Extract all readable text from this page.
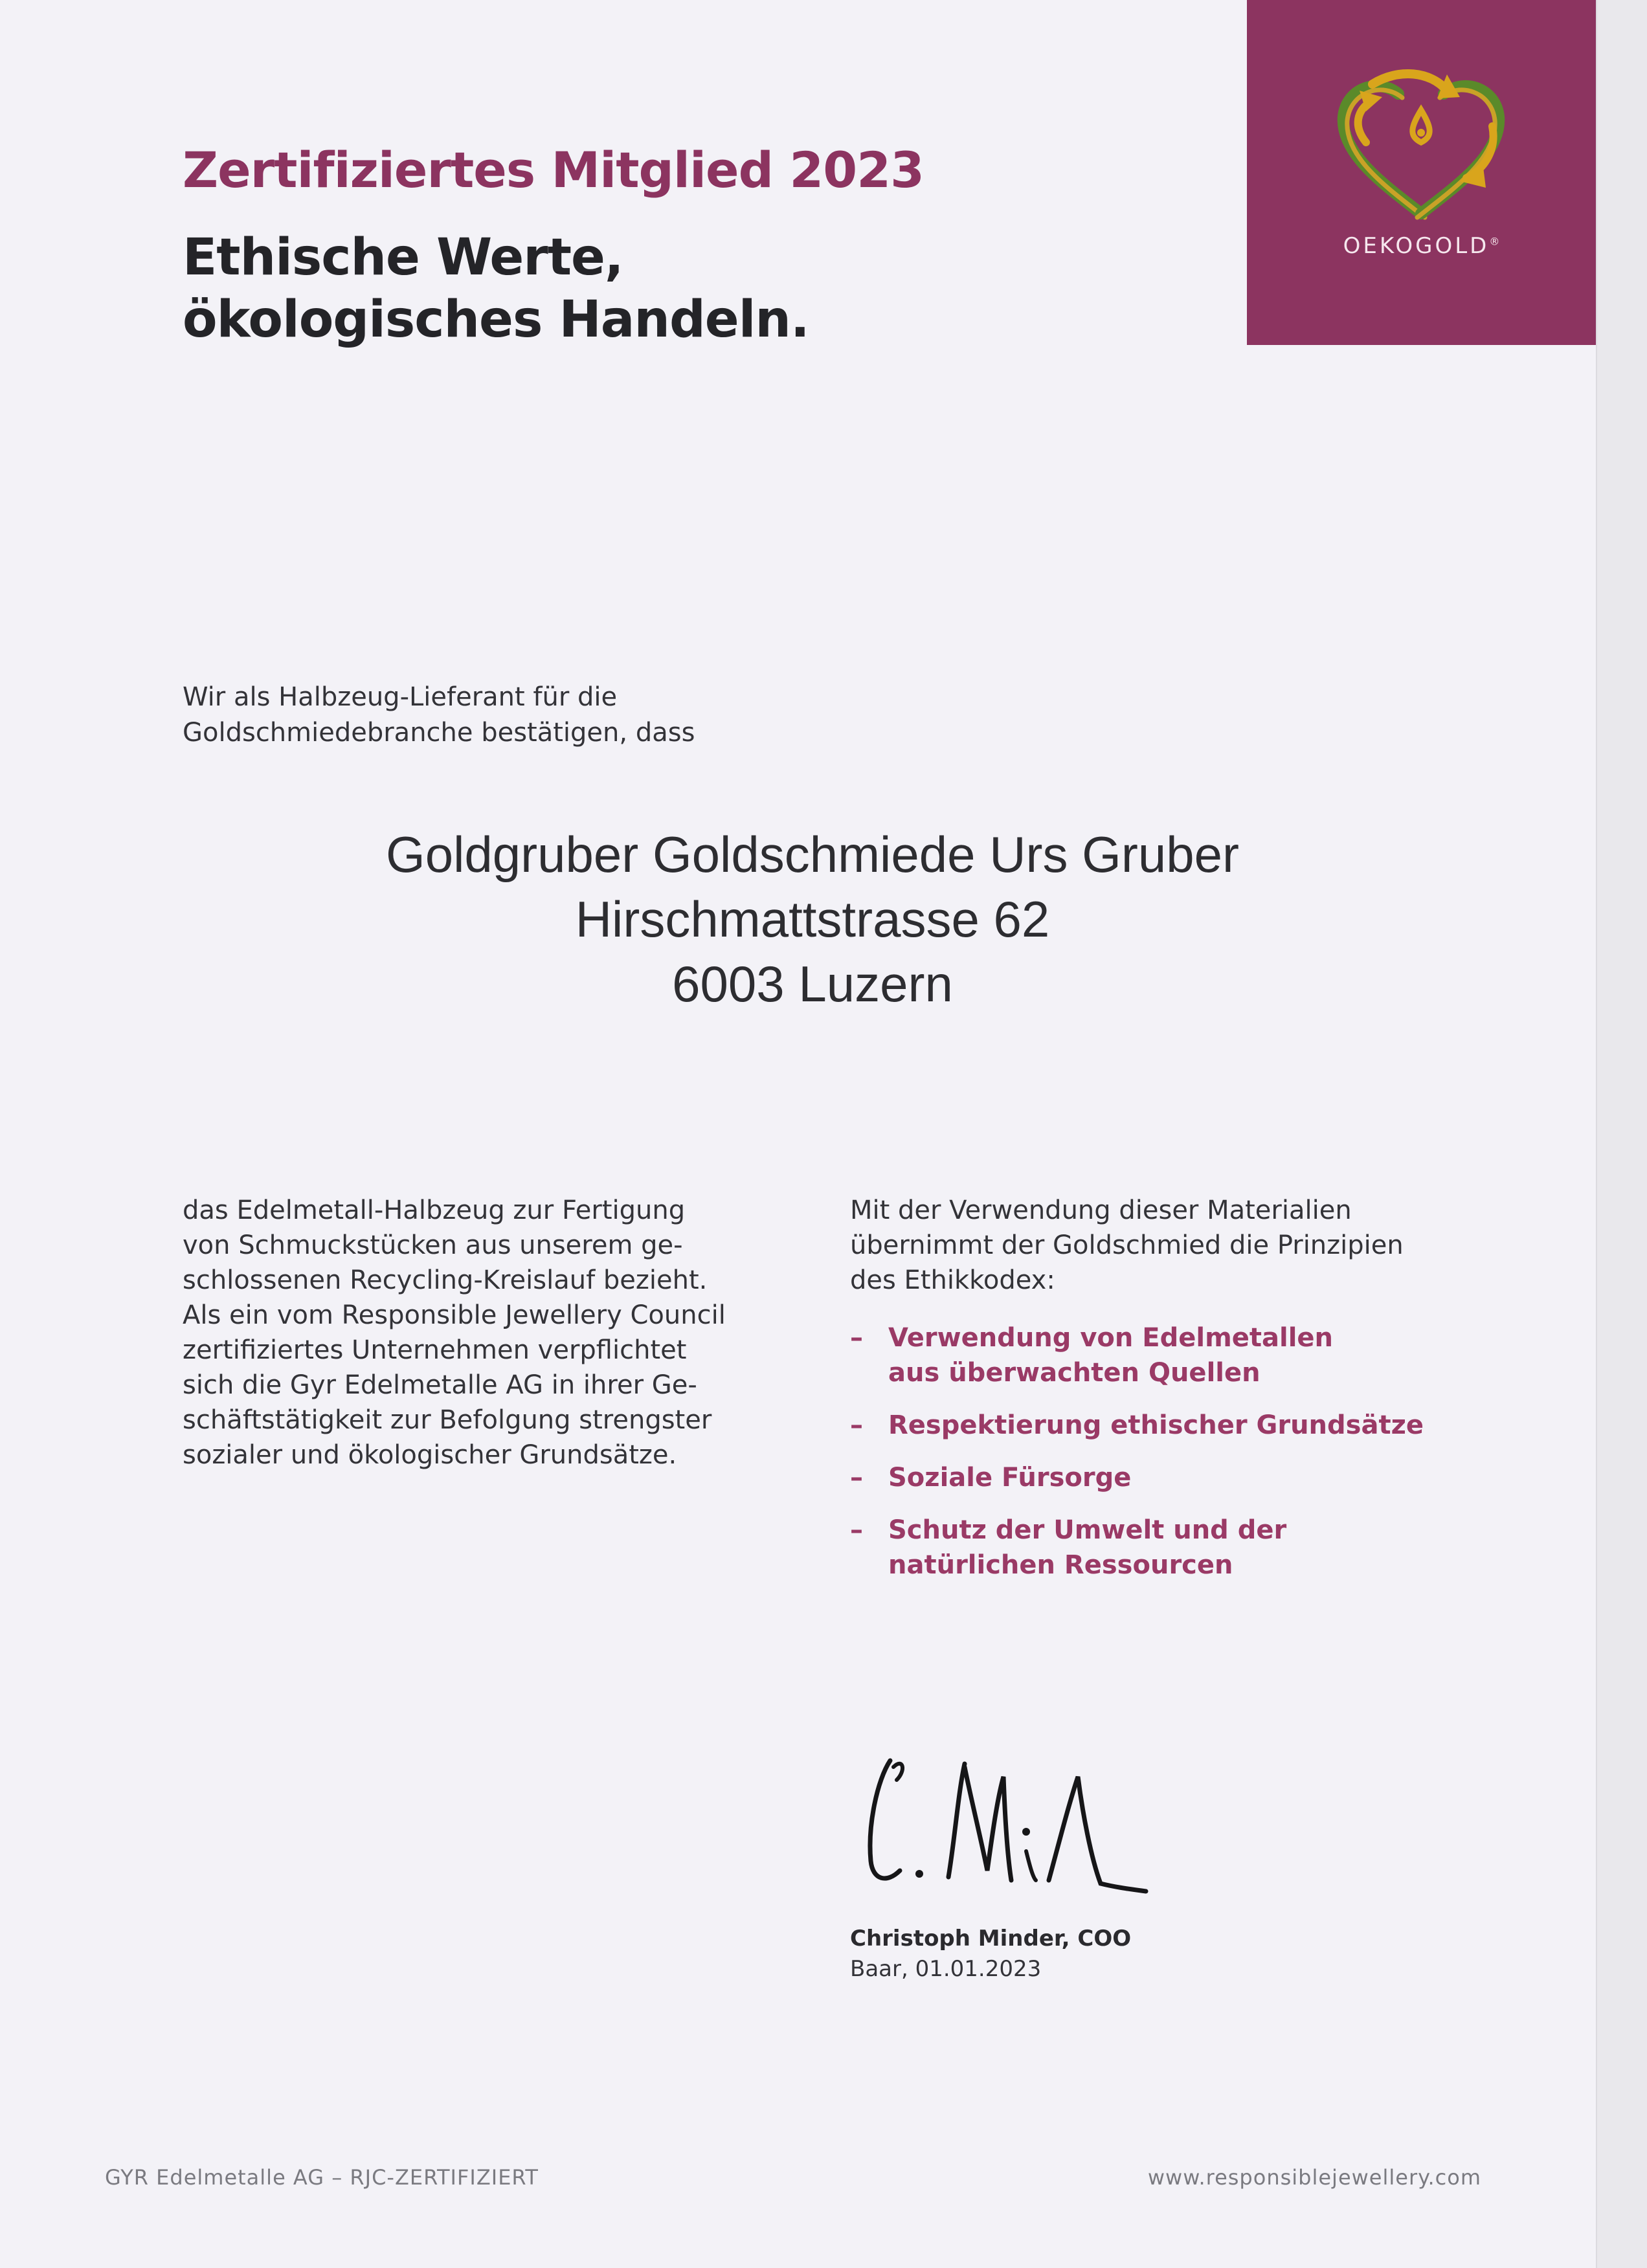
OEKOGOLD®
Zertifiziertes Mitglied 2023
Ethische Werte,
ökologisches Handeln.
Wir als Halbzeug-Lieferant für die
Goldschmiedebranche bestätigen, dass
Goldgruber Goldschmiede Urs Gruber
Hirschmattstrasse 62
6003 Luzern
das Edelmetall-Halbzeug zur Fertigung
von Schmuckstücken aus unserem ge-
schlossenen Recycling-Kreislauf bezieht.
Als ein vom Responsible Jewellery Council
zertifiziertes Unternehmen verpflichtet
sich die Gyr Edelmetalle AG in ihrer Ge-
schäftstätigkeit zur Befolgung strengster
sozialer und ökologischer Grundsätze.
Mit der Verwendung dieser Materialien
übernimmt der Goldschmied die Prinzipien
des Ethikkodex:
– Verwendung von Edelmetallen
aus überwachten Quellen
– Respektierung ethischer Grundsätze
– Soziale Fürsorge
– Schutz der Umwelt und der
natürlichen Ressourcen
Christoph Minder, COO
Baar, 01.01.2023
GYR Edelmetalle AG – RJC-ZERTIFIZIERT	www.responsiblejewellery.com
